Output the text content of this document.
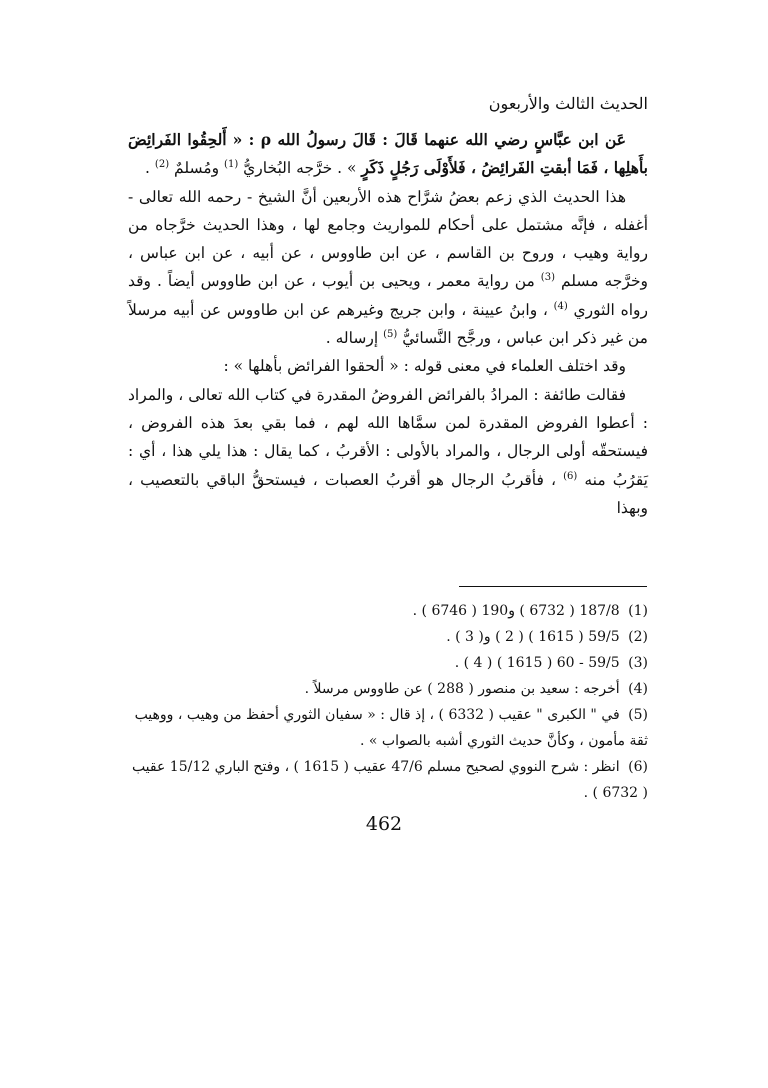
الحديث الثالث والأربعون

عَن ابن عبَّاسٍ رضي الله عنهما قَالَ : قَالَ رسولُ الله ρ : « أَلحِقُوا الفَرائِضَ بأَهلِها ، فَمَا أبقتِ الفَرائِضُ ، فَلأَوْلَى رَجُلٍ ذَكَرٍ » . خرَّجه البُخاريُّ $^{(1)}$ ومُسلمٌ $^{(2)}$ .

هذا الحديث الذي زعم بعضُ شرَّاح هذه الأربعين أنَّ الشيخ - رحمه الله تعالى - أغفله ، فإنَّه مشتمل على أحكام للمواريث وجامع لها ، وهذا الحديث خرَّجاه من رواية وهيب ، وروح بن القاسم ، عن ابن طاووس ، عن أبيه ، عن ابن عباس ، وخرَّجه مسلم $^{(3)}$ من رواية معمر ، ويحيى بن أيوب ، عن ابن طاووس أيضاً . وقد رواه الثوري $^{(4)}$ ، وابنُ عيينة ، وابن جريج وغيرهم عن ابن طاووس عن أبيه مرسلاً من غير ذكر ابن عباس ، ورجَّح النَّسائيُّ $^{(5)}$ إرساله .

وقد اختلف العلماء في معنى قوله : « ألحقوا الفرائض بأهلها » :

فقالت طائفة : المرادُ بالفرائض الفروضُ المقدرة في كتاب الله تعالى ، والمراد : أعطوا الفروض المقدرة لمن سمَّاها الله لهم ، فما بقي بعدَ هذه الفروض ، فيستحقّه أولى الرجال ، والمراد بالأولى : الأقربُ ، كما يقال : هذا يلي هذا ، أي : يَقرُبُ منه $^{(6)}$ ، فأقربُ الرجال هو أقربُ العصبات ، فيستحقُّ الباقي بالتعصيب ، وبهذا

(1) 187/8 ( 6732 ) و190 ( 6746 ) .

(2) 59/5 ( 1615 ) ( 2 ) و( 3 ) .

(3) 59/5 - 60 ( 1615 ) ( 4 ) .

(4) أخرجه : سعيد بن منصور ( 288 ) عن طاووس مرسلاً .

(5) في " الكبرى " عقيب ( 6332 ) ، إذ قال : « سفيان الثوري أحفظ من وهيب ، ووهيب ثقة مأمون ، وكأنَّ حديث الثوري أشبه بالصواب » .

(6) انظر : شرح النووي لصحيح مسلم 47/6 عقيب ( 1615 ) ، وفتح الباري 15/12 عقيب ( 6732 ) .

462
